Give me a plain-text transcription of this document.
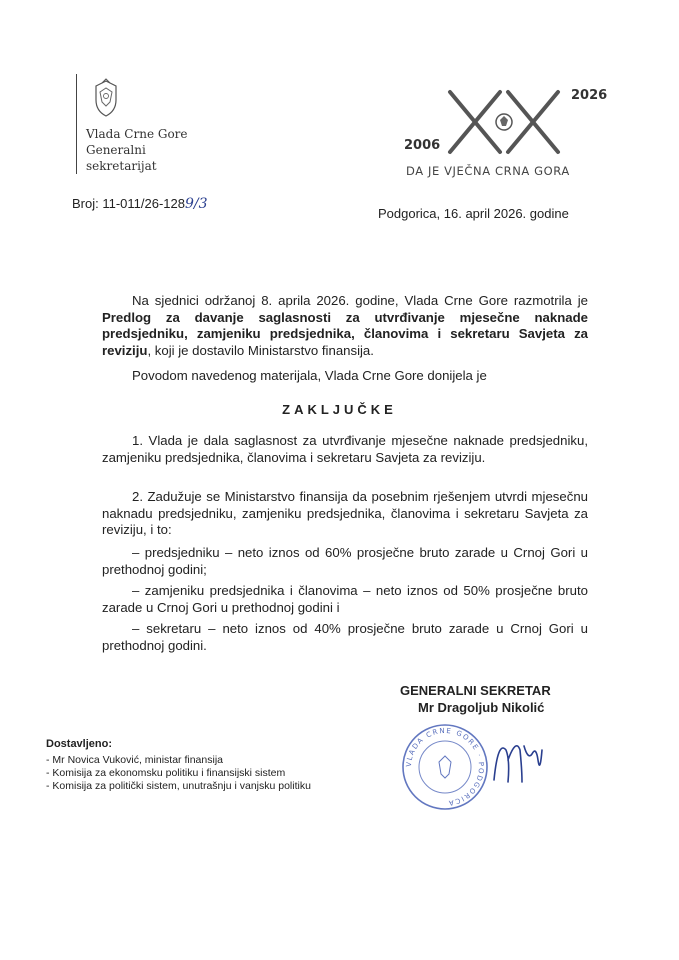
Vlada Crne Gore
Generalni
sekretarijat
2026
2006
DA JE VJEČNA CRNA GORA
Broj: 11-011/26-1289/3
Podgorica, 16. april 2026. godine
Na sjednici održanoj 8. aprila 2026. godine, Vlada Crne Gore razmotrila je Predlog za davanje saglasnosti za utvrđivanje mjesečne naknade predsjedniku, zamjeniku predsjednika, članovima i sekretaru Savjeta za reviziju, koji je dostavilo Ministarstvo finansija.
Povodom navedenog materijala, Vlada Crne Gore donijela je
ZAKLJUČKE
1. Vlada je dala saglasnost za utvrđivanje mjesečne naknade predsjedniku, zamjeniku predsjednika, članovima i sekretaru Savjeta za reviziju.
2. Zadužuje se Ministarstvo finansija da posebnim rješenjem utvrdi mjesečnu naknadu predsjedniku, zamjeniku predsjednika, članovima i sekretaru Savjeta za reviziju, i to:
– predsjedniku – neto iznos od 60% prosječne bruto zarade u Crnoj Gori u prethodnoj godini;
– zamjeniku predsjednika i članovima – neto iznos od 50% prosječne bruto zarade u Crnoj Gori u prethodnoj godini i
– sekretaru – neto iznos od 40% prosječne bruto zarade u Crnoj Gori u prethodnoj godini.
GENERALNI SEKRETAR
Mr Dragoljub Nikolić
VLADA CRNE GORE · PODGORICA
Dostavljeno:
- Mr Novica Vuković, ministar finansija
- Komisija za ekonomsku politiku i finansijski sistem
- Komisija za politički sistem, unutrašnju i vanjsku politiku
